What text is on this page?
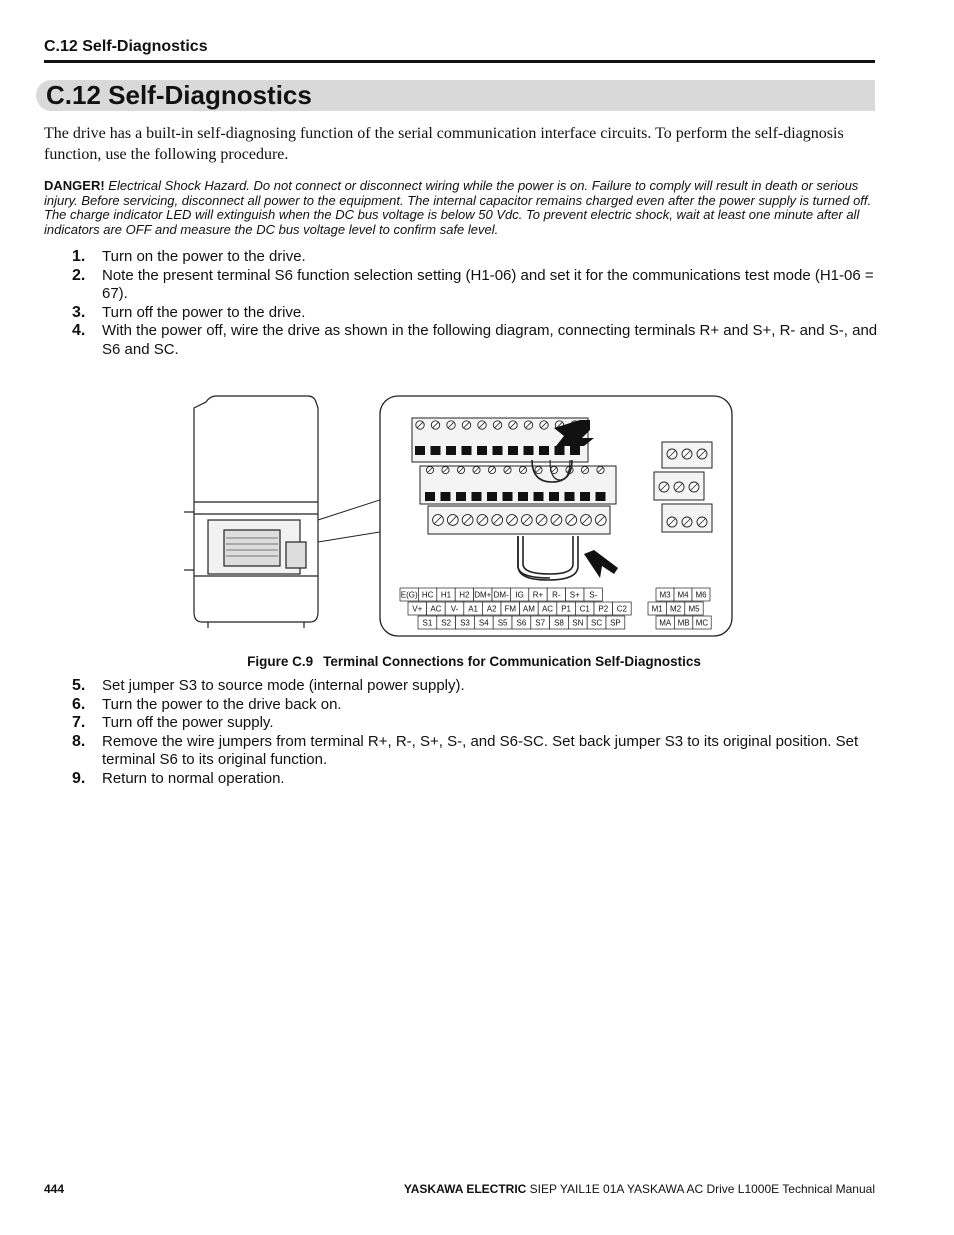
C.12 Self-Diagnostics
C.12 Self-Diagnostics

The drive has a built-in self-diagnosing function of the serial communication interface circuits. To perform the self-diagnosis function, use the following procedure.

DANGER! Electrical Shock Hazard. Do not connect or disconnect wiring while the power is on. Failure to comply will result in death or serious injury. Before servicing, disconnect all power to the equipment. The internal capacitor remains charged even after the power supply is turned off. The charge indicator LED will extinguish when the DC bus voltage is below 50 Vdc. To prevent electric shock, wait at least one minute after all indicators are OFF and measure the DC bus voltage level to confirm safe level.

1. Turn on the power to the drive.
2. Note the present terminal S6 function selection setting (H1-06) and set it for the communications test mode (H1-06 = 67).
3. Turn off the power to the drive.
4. With the power off, wire the drive as shown in the following diagram, connecting terminals R+ and S+, R- and S-, and S6 and SC.
E(G) HC H1 H2 DM+ DM- IG R+ R- S+ S-
V+ AC V- A1 A2 FM AM AC P1 C1 P2 C2
S1 S2 S3 S4 S5 S6 S7 S8 SN SC SP
M3 M4 M6
M1 M2 M5
MA MB MC
Figure C.9 Terminal Connections for Communication Self-Diagnostics
5. Set jumper S3 to source mode (internal power supply).
6. Turn the power to the drive back on.
7. Turn off the power supply.
8. Remove the wire jumpers from terminal R+, R-, S+, S-, and S6-SC. Set back jumper S3 to its original position. Set terminal S6 to its original function.
9. Return to normal operation.
444	YASKAWA ELECTRIC SIEP YAIL1E 01A YASKAWA AC Drive L1000E Technical Manual
